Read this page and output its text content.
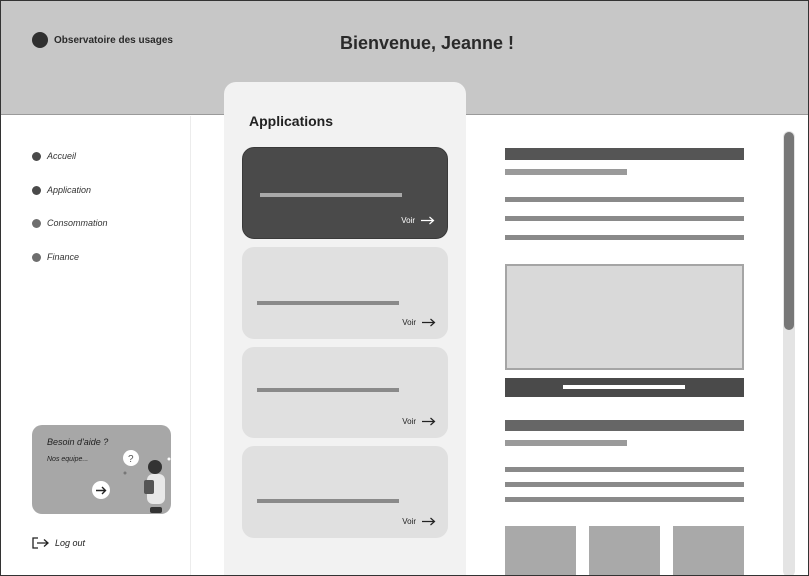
Observatoire des usages	Bienvenue, Jeanne !
Accueil
Application
Consommation
Finance
Besoin d'aide ?
Nos equipe...	?
Log out
Applications
Voir
Voir
Voir
Voir
